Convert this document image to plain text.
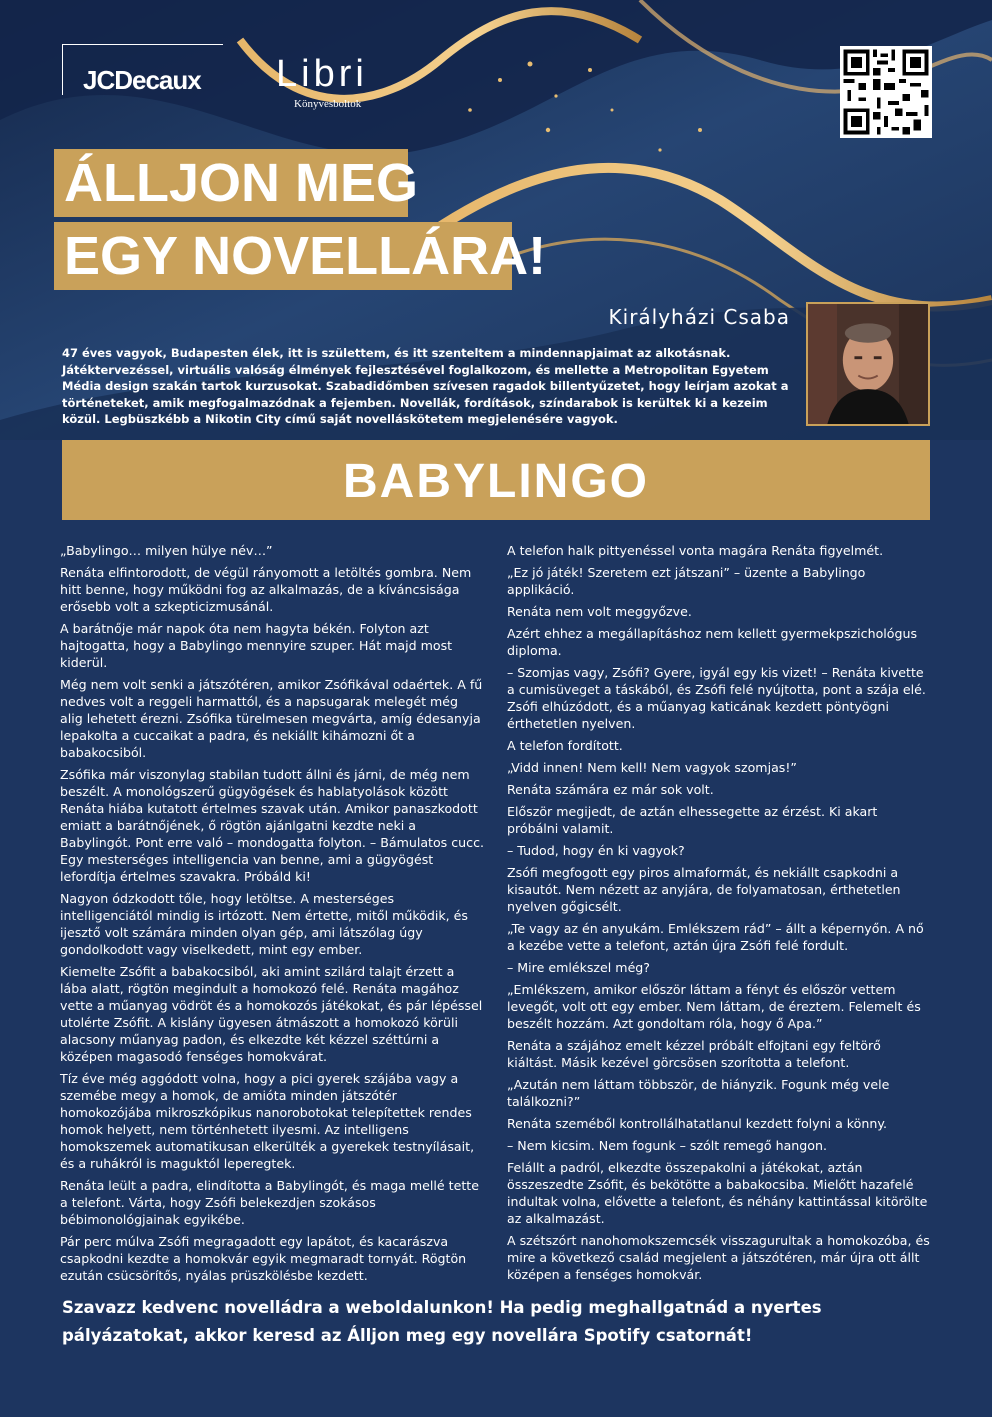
JCDecaux Libri
Könyvesboltok
ÁLLJON MEG
EGY NOVELLÁRA!
Királyházi Csaba
47 éves vagyok, Budapesten élek, itt is születtem, és itt szenteltem a mindennapjaimat az alkotásnak. Játéktervezéssel, virtuális valóság élmények fejlesztésével foglalkozom, és mellette a Metropolitan Egyetem Média design szakán tartok kurzusokat. Szabadidőmben szívesen ragadok billentyűzetet, hogy leírjam azokat a történeteket, amik megfogalmazódnak a fejemben. Novellák, fordítások, színdarabok is kerültek ki a kezeim közül. Legbüszkébb a Nikotin City című saját novelláskötetem megjelenésére vagyok.
BABYLINGO

„Babylingo… milyen hülye név…”

Renáta elfintorodott, de végül rányomott a letöltés gombra. Nem hitt benne, hogy működni fog az alkalmazás, de a kíváncsisága erősebb volt a szkepticizmusánál.

A barátnője már napok óta nem hagyta békén. Folyton azt hajtogatta, hogy a Babylingo mennyire szuper. Hát majd most kiderül.

Még nem volt senki a játszótéren, amikor Zsófikával odaértek. A fű nedves volt a reggeli harmattól, és a napsugarak melegét még alig lehetett érezni. Zsófika türelmesen megvárta, amíg édesanyja lepakolta a cuccaikat a padra, és nekiállt kihámozni őt a babakocsiból.

Zsófika már viszonylag stabilan tudott állni és járni, de még nem beszélt. A monológszerű gügyögések és hablatyolások között Renáta hiába kutatott értelmes szavak után. Amikor panaszkodott emiatt a barátnőjének, ő rögtön ajánlgatni kezdte neki a Babylingót. Pont erre való – mondogatta folyton. – Bámulatos cucc. Egy mesterséges intelligencia van benne, ami a gügyögést lefordítja értelmes szavakra. Próbáld ki!

Nagyon ódzkodott tőle, hogy letöltse. A mesterséges intelligenciától mindig is irtózott. Nem értette, mitől működik, és ijesztő volt számára minden olyan gép, ami látszólag úgy gondolkodott vagy viselkedett, mint egy ember.

Kiemelte Zsófit a babakocsiból, aki amint szilárd talajt érzett a lába alatt, rögtön megindult a homokozó felé. Renáta magához vette a műanyag vödröt és a homokozós játékokat, és pár lépéssel utolérte Zsófit. A kislány ügyesen átmászott a homokozó körüli alacsony műanyag padon, és elkezdte két kézzel széttúrni a középen magasodó fenséges homokvárat.

Tíz éve még aggódott volna, hogy a pici gyerek szájába vagy a szemébe megy a homok, de amióta minden játszótér homokozójába mikroszkópikus nanorobotokat telepítettek rendes homok helyett, nem történhetett ilyesmi. Az intelligens homokszemek automatikusan elkerülték a gyerekek testnyílásait, és a ruhákról is maguktól leperegtek.

Renáta leült a padra, elindította a Babylingót, és maga mellé tette a telefont. Várta, hogy Zsófi belekezdjen szokásos bébimonológjainak egyikébe.

Pár perc múlva Zsófi megragadott egy lapátot, és kacarászva csapkodni kezdte a homokvár egyik megmaradt tornyát. Rögtön ezután csücsörítős, nyálas prüszkölésbe kezdett.

A telefon halk pittyenéssel vonta magára Renáta figyelmét.

„Ez jó játék! Szeretem ezt játszani” – üzente a Babylingo applikáció.

Renáta nem volt meggyőzve.

Azért ehhez a megállapításhoz nem kellett gyermekpszichológus diploma.

– Szomjas vagy, Zsófi? Gyere, igyál egy kis vizet! – Renáta kivette a cumisüveget a táskából, és Zsófi felé nyújtotta, pont a szája elé. Zsófi elhúzódott, és a műanyag katicának kezdett pöntyögni érthetetlen nyelven.

A telefon fordított.

„Vidd innen! Nem kell! Nem vagyok szomjas!”

Renáta számára ez már sok volt.

Először megijedt, de aztán elhessegette az érzést. Ki akart próbálni valamit.

– Tudod, hogy én ki vagyok?

Zsófi megfogott egy piros almaformát, és nekiállt csapkodni a kisautót. Nem nézett az anyjára, de folyamatosan, érthetetlen nyelven gőgicsélt.

„Te vagy az én anyukám. Emlékszem rád” – állt a képernyőn. A nő a kezébe vette a telefont, aztán újra Zsófi felé fordult.

– Mire emlékszel még?

„Emlékszem, amikor először láttam a fényt és először vettem levegőt, volt ott egy ember. Nem láttam, de éreztem. Felemelt és beszélt hozzám. Azt gondoltam róla, hogy ő Apa.”

Renáta a szájához emelt kézzel próbált elfojtani egy feltörő kiáltást. Másik kezével görcsösen szorította a telefont.

„Azután nem láttam többször, de hiányzik. Fogunk még vele találkozni?”

Renáta szeméből kontrollálhatatlanul kezdett folyni a könny.

– Nem kicsim. Nem fogunk – szólt remegő hangon.

Felállt a padról, elkezdte összepakolni a játékokat, aztán összeszedte Zsófit, és bekötötte a babakocsiba. Mielőtt hazafelé indultak volna, elővette a telefont, és néhány kattintással kitörölte az alkalmazást.

A szétszórt nanohomokszemcsék visszagurultak a homokozóba, és mire a következő család megjelent a játszótéren, már újra ott állt középen a fenséges homokvár.

Szavazz kedvenc novelládra a weboldalunkon! Ha pedig meghallgatnád a nyertes pályázatokat, akkor keresd az Álljon meg egy novellára Spotify csatornát!
